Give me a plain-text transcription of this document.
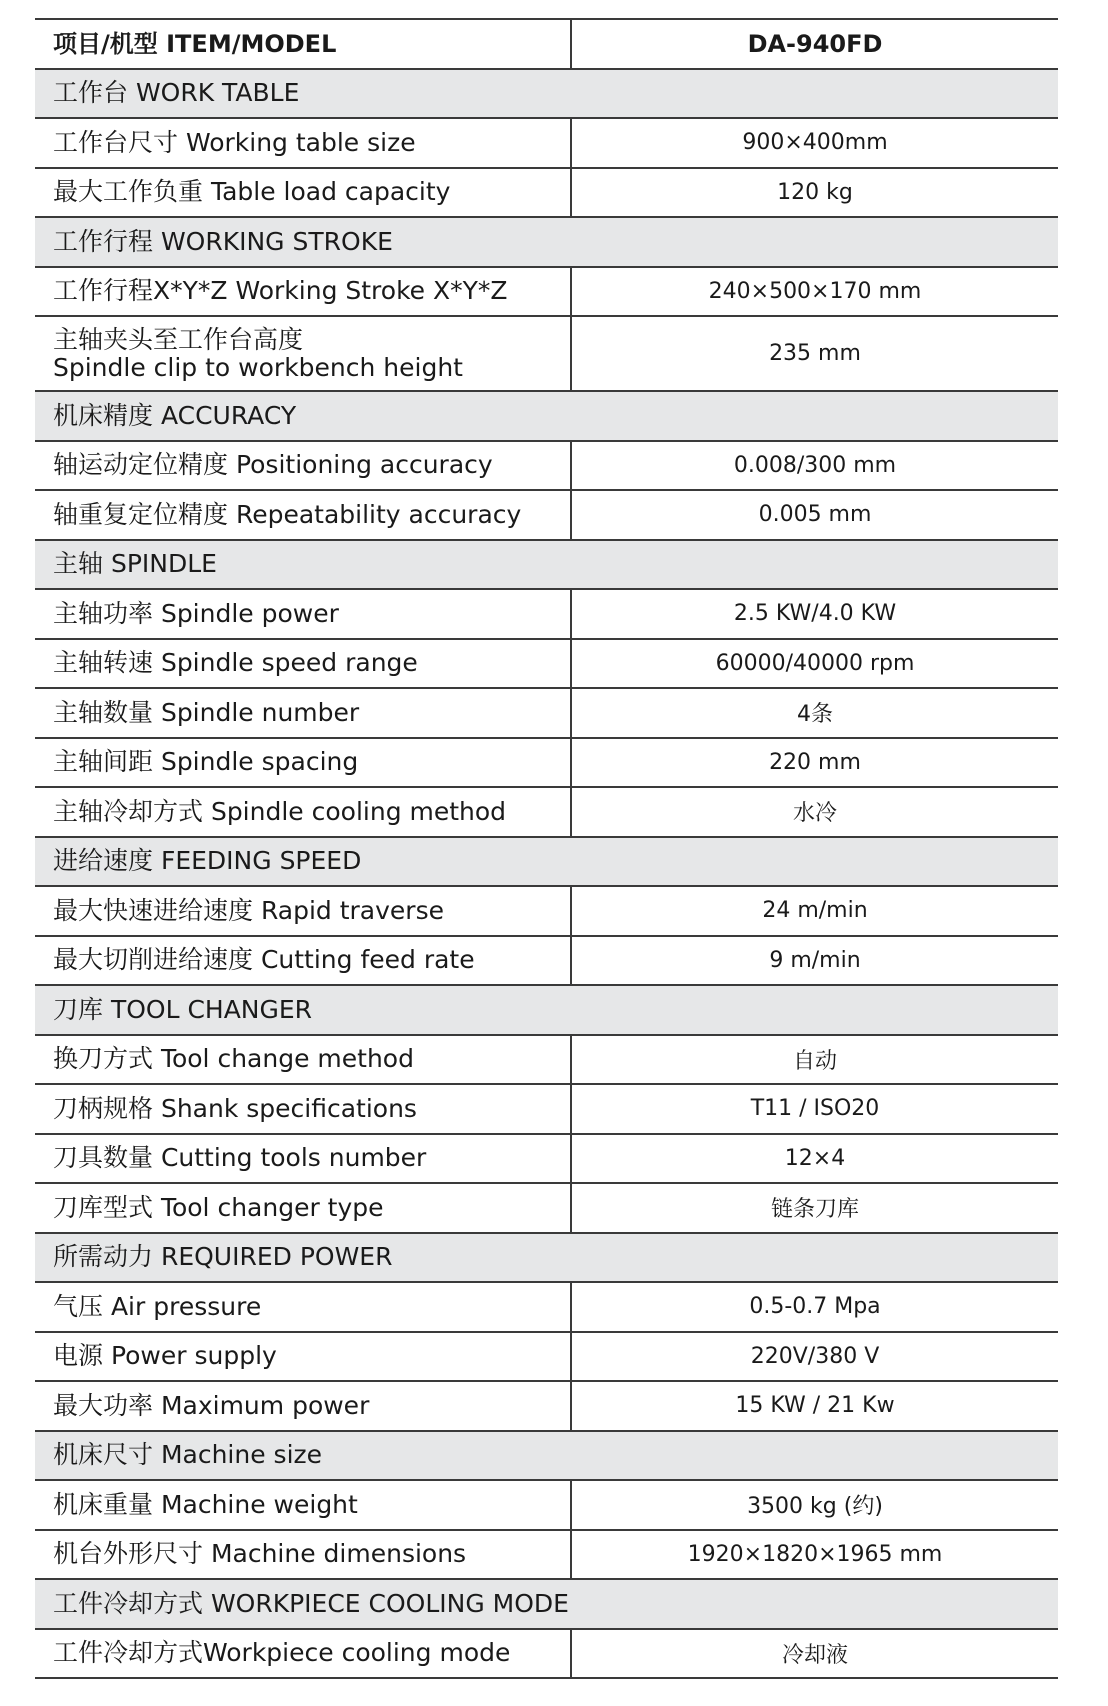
项目/机型 ITEM/MODEL	DA-940FD
工作台 WORK TABLE
工作台尺寸 Working table size	900×400mm
最大工作负重 Table load capacity	120 kg
工作行程 WORKING STROKE
工作行程X*Y*Z Working Stroke X*Y*Z	240×500×170 mm
主轴夹头至工作台高度
Spindle clip to workbench height	235 mm
机床精度 ACCURACY
轴运动定位精度 Positioning accuracy	0.008/300 mm
轴重复定位精度 Repeatability accuracy	0.005 mm
主轴 SPINDLE
主轴功率 Spindle power	2.5 KW/4.0 KW
主轴转速 Spindle speed range	60000/40000 rpm
主轴数量 Spindle number	4条
主轴间距 Spindle spacing	220 mm
主轴冷却方式 Spindle cooling method	水冷
进给速度 FEEDING SPEED
最大快速进给速度 Rapid traverse	24 m/min
最大切削进给速度 Cutting feed rate	9 m/min
刀库 TOOL CHANGER
换刀方式 Tool change method	自动
刀柄规格 Shank specifications	T11 / ISO20
刀具数量 Cutting tools number	12×4
刀库型式 Tool changer type	链条刀库
所需动力 REQUIRED POWER
气压 Air pressure	0.5-0.7 Mpa
电源 Power supply	220V/380 V
最大功率 Maximum power	15 KW / 21 Kw
机床尺寸 Machine size
机床重量 Machine weight	3500 kg (约)
机台外形尺寸 Machine dimensions	1920×1820×1965 mm
工件冷却方式 WORKPIECE COOLING MODE
工件冷却方式Workpiece cooling mode	冷却液
